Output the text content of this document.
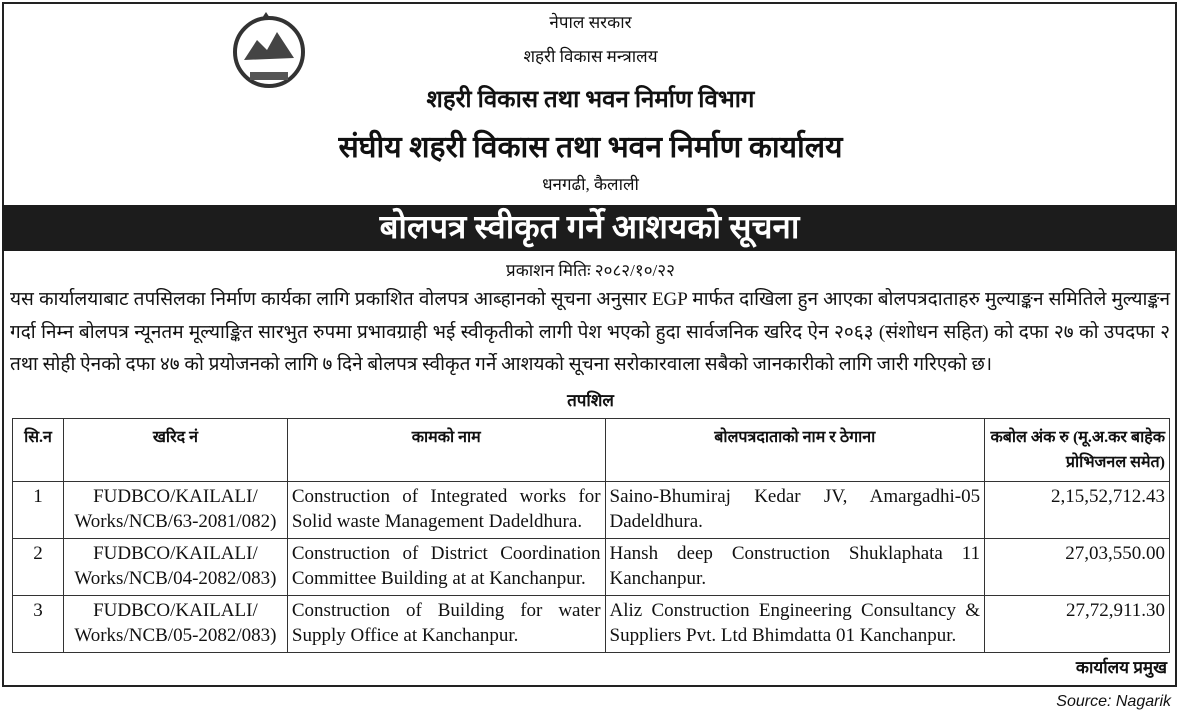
नेपाल सरकार
शहरी विकास मन्त्रालय
शहरी विकास तथा भवन निर्माण विभाग
संघीय शहरी विकास तथा भवन निर्माण कार्यालय
धनगढी, कैलाली
बोलपत्र स्वीकृत गर्ने आशयको सूचना
प्रकाशन मितिः २०८२/१०/२२
यस कार्यालयाबाट तपसिलका निर्माण कार्यका लागि प्रकाशित वोलपत्र आब्हानको सूचना अनुसार EGP मार्फत दाखिला हुन आएका बोलपत्रदाताहरु मुल्याङ्कन समितिले मुल्याङ्कन गर्दा निम्न बोलपत्र न्यूनतम मूल्याङ्कित सारभुत रुपमा प्रभावग्राही भई स्वीकृतीको लागी पेश भएको हुदा सार्वजनिक खरिद ऐन २०६३ (संशोधन सहित) को दफा २७ को उपदफा २ तथा सोही ऐनको दफा ४७ को प्रयोजनको लागि ७ दिने बोलपत्र स्वीकृत गर्ने आशयको सूचना सरोकारवाला सबैको जानकारीको लागि जारी गरिएको छ।
तपशिल
सि.न	खरिद नं	कामको नाम	बोलपत्रदाताको नाम र ठेगाना	कबोल अंक रु (मू.अ.कर बाहेक प्रोभिजनल समेत)
1	FUDBCO/KAILALI/ Works/NCB/63-2081/082)	Construction of Integrated works for Solid waste Management Dadeldhura.	Saino-Bhumiraj Kedar JV, Amargadhi-05 Dadeldhura.	2,15,52,712.43
2	FUDBCO/KAILALI/ Works/NCB/04-2082/083)	Construction of District Coordination Committee Building at at Kanchanpur.	Hansh deep Construction Shuklaphata 11 Kanchanpur.	27,03,550.00
3	FUDBCO/KAILALI/ Works/NCB/05-2082/083)	Construction of Building for water Supply Office at Kanchanpur.	Aliz Construction Engineering Consultancy & Suppliers Pvt. Ltd Bhimdatta 01 Kanchanpur.	27,72,911.30
कार्यालय प्रमुख
Source: Nagarik
